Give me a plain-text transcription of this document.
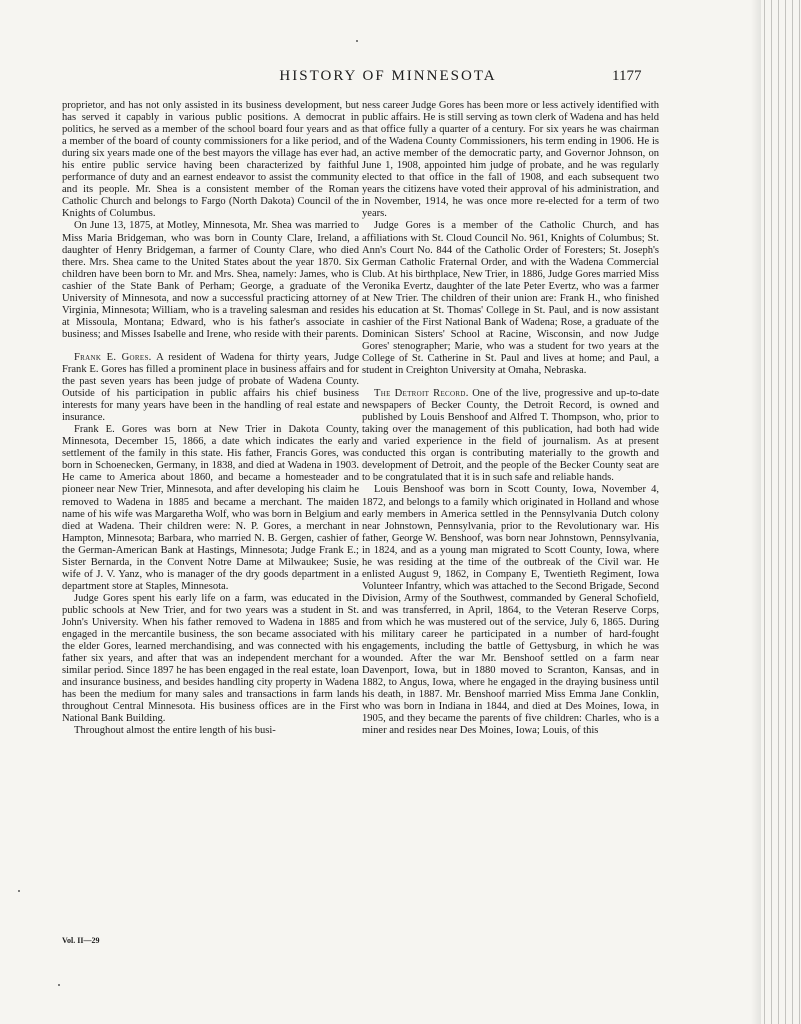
HISTORY OF MINNESOTA	1177

proprietor, and has not only assisted in its business development, but has served it capably in various public positions. A democrat in politics, he served as a member of the school board four years and as a member of the board of county commissioners for a like period, and during six years made one of the best mayors the village has ever had, his entire public service having been characterized by faithful performance of duty and an earnest endeavor to assist the community and its people. Mr. Shea is a consistent member of the Roman Catholic Church and belongs to Fargo (North Dakota) Council of the Knights of Columbus.

On June 13, 1875, at Motley, Minnesota, Mr. Shea was married to Miss Maria Bridgeman, who was born in County Clare, Ireland, a daughter of Henry Bridgeman, a farmer of County Clare, who died there. Mrs. Shea came to the United States about the year 1870. Six children have been born to Mr. and Mrs. Shea, namely: James, who is cashier of the State Bank of Perham; George, a graduate of the University of Minnesota, and now a successful practicing attorney of Virginia, Minnesota; William, who is a traveling salesman and resides at Missoula, Montana; Edward, who is his father's associate in business; and Misses Isabelle and Irene, who reside with their parents.

Frank E. Gores. A resident of Wadena for thirty years, Judge Frank E. Gores has filled a prominent place in business affairs and for the past seven years has been judge of probate of Wadena County. Outside of his participation in public affairs his chief business interests for many years have been in the handling of real estate and insurance.

Frank E. Gores was born at New Trier in Dakota County, Minnesota, December 15, 1866, a date which indicates the early settlement of the family in this state. His father, Francis Gores, was born in Schoenecken, Germany, in 1838, and died at Wadena in 1903. He came to America about 1860, and became a homesteader and pioneer near New Trier, Minnesota, and after developing his claim he removed to Wadena in 1885 and became a merchant. The maiden name of his wife was Margaretha Wolf, who was born in Belgium and died at Wadena. Their children were: N. P. Gores, a merchant in Hampton, Minnesota; Barbara, who married N. B. Gergen, cashier of the German-American Bank at Hastings, Minnesota; Judge Frank E.; Sister Bernarda, in the Convent Notre Dame at Milwaukee; Susie, wife of J. V. Yanz, who is manager of the dry goods department in a department store at Staples, Minnesota.

Judge Gores spent his early life on a farm, was educated in the public schools at New Trier, and for two years was a student in St. John's University. When his father removed to Wadena in 1885 and engaged in the mercantile business, the son became associated with the elder Gores, learned merchandising, and was connected with his father six years, and after that was an independent merchant for a similar period. Since 1897 he has been engaged in the real estate, loan and insurance business, and besides handling city property in Wadena has been the medium for many sales and transactions in farm lands throughout Central Minnesota. His business offices are in the First National Bank Building.

Throughout almost the entire length of his busi-

ness career Judge Gores has been more or less actively identified with public affairs. He is still serving as town clerk of Wadena and has held that office fully a quarter of a century. For six years he was chairman of the Wadena County Commissioners, his term ending in 1906. He is an active member of the democratic party, and Governor Johnson, on June 1, 1908, appointed him judge of probate, and he was regularly elected to that office in the fall of 1908, and each subsequent two years the citizens have voted their approval of his administration, and in November, 1914, he was once more re-elected for a term of two years.

Judge Gores is a member of the Catholic Church, and has affiliations with St. Cloud Council No. 961, Knights of Columbus; St. Ann's Court No. 844 of the Catholic Order of Foresters; St. Joseph's German Catholic Fraternal Order, and with the Wadena Commercial Club. At his birthplace, New Trier, in 1886, Judge Gores married Miss Veronika Evertz, daughter of the late Peter Evertz, who was a farmer at New Trier. The children of their union are: Frank H., who finished his education at St. Thomas' College in St. Paul, and is now assistant cashier of the First National Bank of Wadena; Rose, a graduate of the Dominican Sisters' School at Racine, Wisconsin, and now Judge Gores' stenographer; Marie, who was a student for two years at the College of St. Catherine in St. Paul and lives at home; and Paul, a student in Creighton University at Omaha, Nebraska.

The Detroit Record. One of the live, progressive and up-to-date newspapers of Becker County, the Detroit Record, is owned and published by Louis Benshoof and Alfred T. Thompson, who, prior to taking over the management of this publication, had both had wide and varied experience in the field of journalism. As at present conducted this organ is contributing materially to the growth and development of Detroit, and the people of the Becker County seat are to be congratulated that it is in such safe and reliable hands.

Louis Benshoof was born in Scott County, Iowa, November 4, 1872, and belongs to a family which originated in Holland and whose early members in America settled in the Pennsylvania Dutch colony near Johnstown, Pennsylvania, prior to the Revolutionary war. His father, George W. Benshoof, was born near Johnstown, Pennsylvania, in 1824, and as a young man migrated to Scott County, Iowa, where he was residing at the time of the outbreak of the Civil war. He enlisted August 9, 1862, in Company E, Twentieth Regiment, Iowa Volunteer Infantry, which was attached to the Second Brigade, Second Division, Army of the Southwest, commanded by General Schofield, and was transferred, in April, 1864, to the Veteran Reserve Corps, from which he was mustered out of the service, July 6, 1865. During his military career he participated in a number of hard-fought engagements, including the battle of Gettysburg, in which he was wounded. After the war Mr. Benshoof settled on a farm near Davenport, Iowa, but in 1880 moved to Scranton, Kansas, and in 1882, to Angus, Iowa, where he engaged in the draying business until his death, in 1887. Mr. Benshoof married Miss Emma Jane Conklin, who was born in Indiana in 1844, and died at Des Moines, Iowa, in 1905, and they became the parents of five children: Charles, who is a miner and resides near Des Moines, Iowa; Louis, of this

Vol. II—29
